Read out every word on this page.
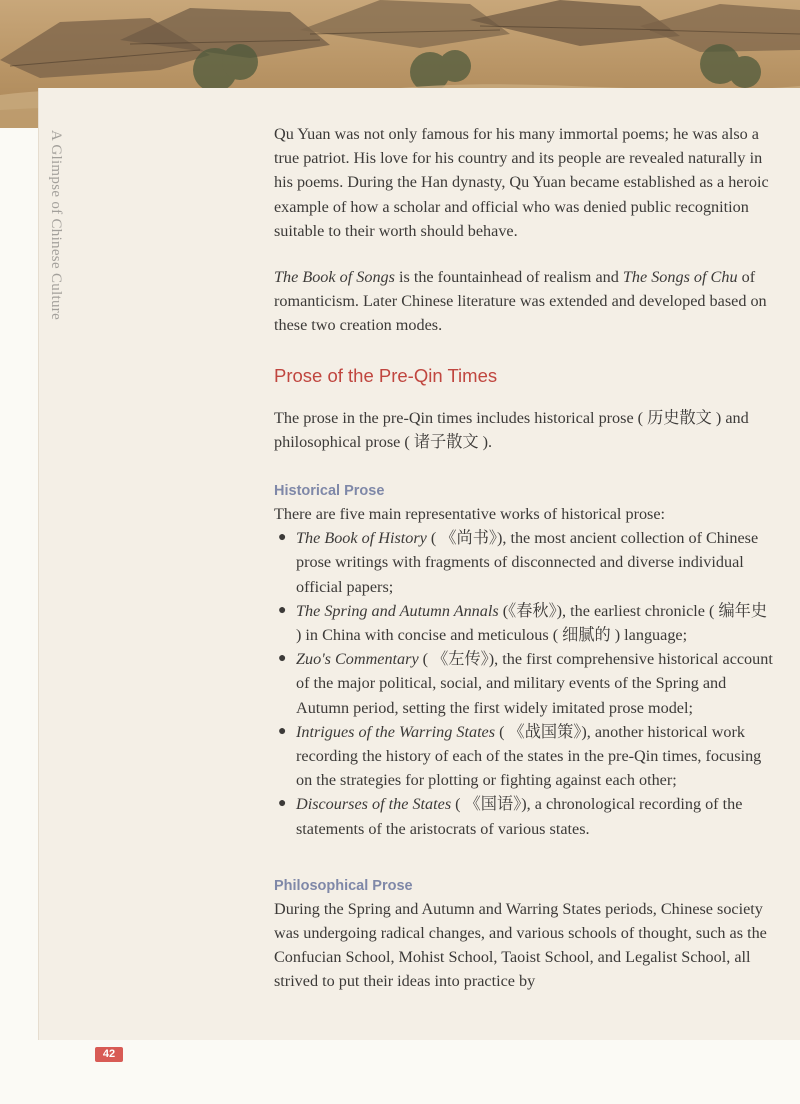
A Glimpse of Chinese Culture	Qu Yuan was not only famous for his many immortal poems; he was also a true patriot. His love for his country and its people are revealed naturally in his poems. During the Han dynasty, Qu Yuan became established as a heroic example of how a scholar and official who was denied public recognition suitable to their worth should behave.

The Book of Songs is the fountainhead of realism and The Songs of Chu of romanticism. Later Chinese literature was extended and developed based on these two creation modes.

Prose of the Pre-Qin Times

The prose in the pre-Qin times includes historical prose ( 历史散文 ) and philosophical prose ( 诸子散文 ).

Historical Prose

There are five main representative works of historical prose:

● The Book of History ( 《尚书》), the most ancient collection of Chinese prose writings with fragments of disconnected and diverse individual official papers;
● The Spring and Autumn Annals (《春秋》), the earliest chronicle ( 编年史 ) in China with concise and meticulous ( 细腻的 ) language;
● Zuo's Commentary ( 《左传》), the first comprehensive historical account of the major political, social, and military events of the Spring and Autumn period, setting the first widely imitated prose model;
● Intrigues of the Warring States ( 《战国策》), another historical work recording the history of each of the states in the pre-Qin times, focusing on the strategies for plotting or fighting against each other;
● Discourses of the States ( 《国语》), a chronological recording of the statements of the aristocrats of various states.
Philosophical Prose

During the Spring and Autumn and Warring States periods, Chinese society was undergoing radical changes, and various schools of thought, such as the Confucian School, Mohist School, Taoist School, and Legalist School, all strived to put their ideas into practice by

42
